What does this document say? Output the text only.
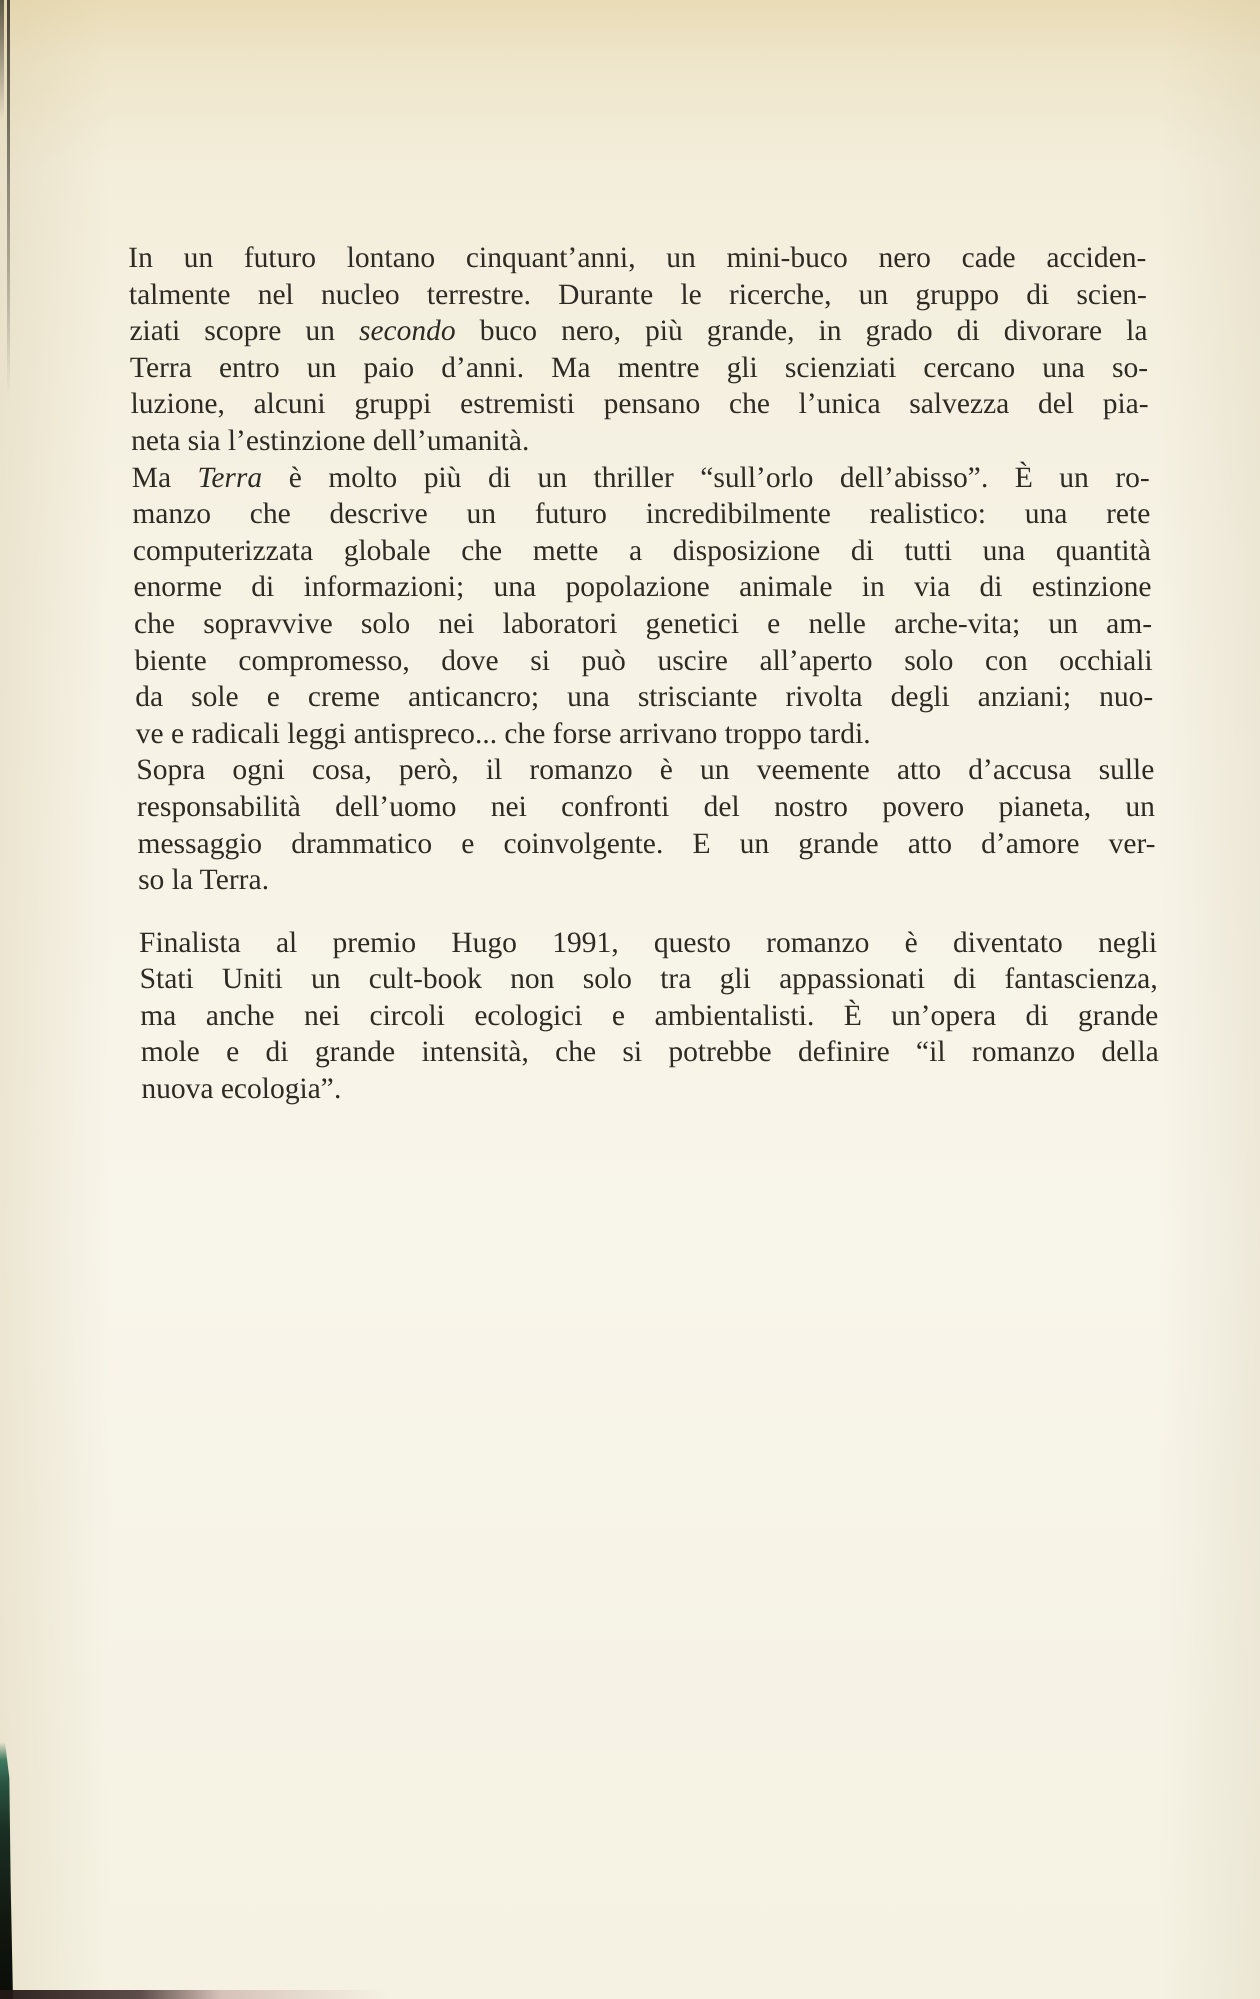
In un futuro lontano cinquant’anni, un mini-buco nero cade acciden-
talmente nel nucleo terrestre. Durante le ricerche, un gruppo di scien-
ziati scopre un secondo buco nero, più grande, in grado di divorare la
Terra entro un paio d’anni. Ma mentre gli scienziati cercano una so-
luzione, alcuni gruppi estremisti pensano che l’unica salvezza del pia-
neta sia l’estinzione dell’umanità.
Ma Terra è molto più di un thriller “sull’orlo dell’abisso”. È un ro-
manzo che descrive un futuro incredibilmente realistico: una rete
computerizzata globale che mette a disposizione di tutti una quantità
enorme di informazioni; una popolazione animale in via di estinzione
che sopravvive solo nei laboratori genetici e nelle arche-vita; un am-
biente compromesso, dove si può uscire all’aperto solo con occhiali
da sole e creme anticancro; una strisciante rivolta degli anziani; nuo-
ve e radicali leggi antispreco... che forse arrivano troppo tardi.
Sopra ogni cosa, però, il romanzo è un veemente atto d’accusa sulle
responsabilità dell’uomo nei confronti del nostro povero pianeta, un
messaggio drammatico e coinvolgente. E un grande atto d’amore ver-
so la Terra.
Finalista al premio Hugo 1991, questo romanzo è diventato negli
Stati Uniti un cult-book non solo tra gli appassionati di fantascienza,
ma anche nei circoli ecologici e ambientalisti. È un’opera di grande
mole e di grande intensità, che si potrebbe definire “il romanzo della
nuova ecologia”.
